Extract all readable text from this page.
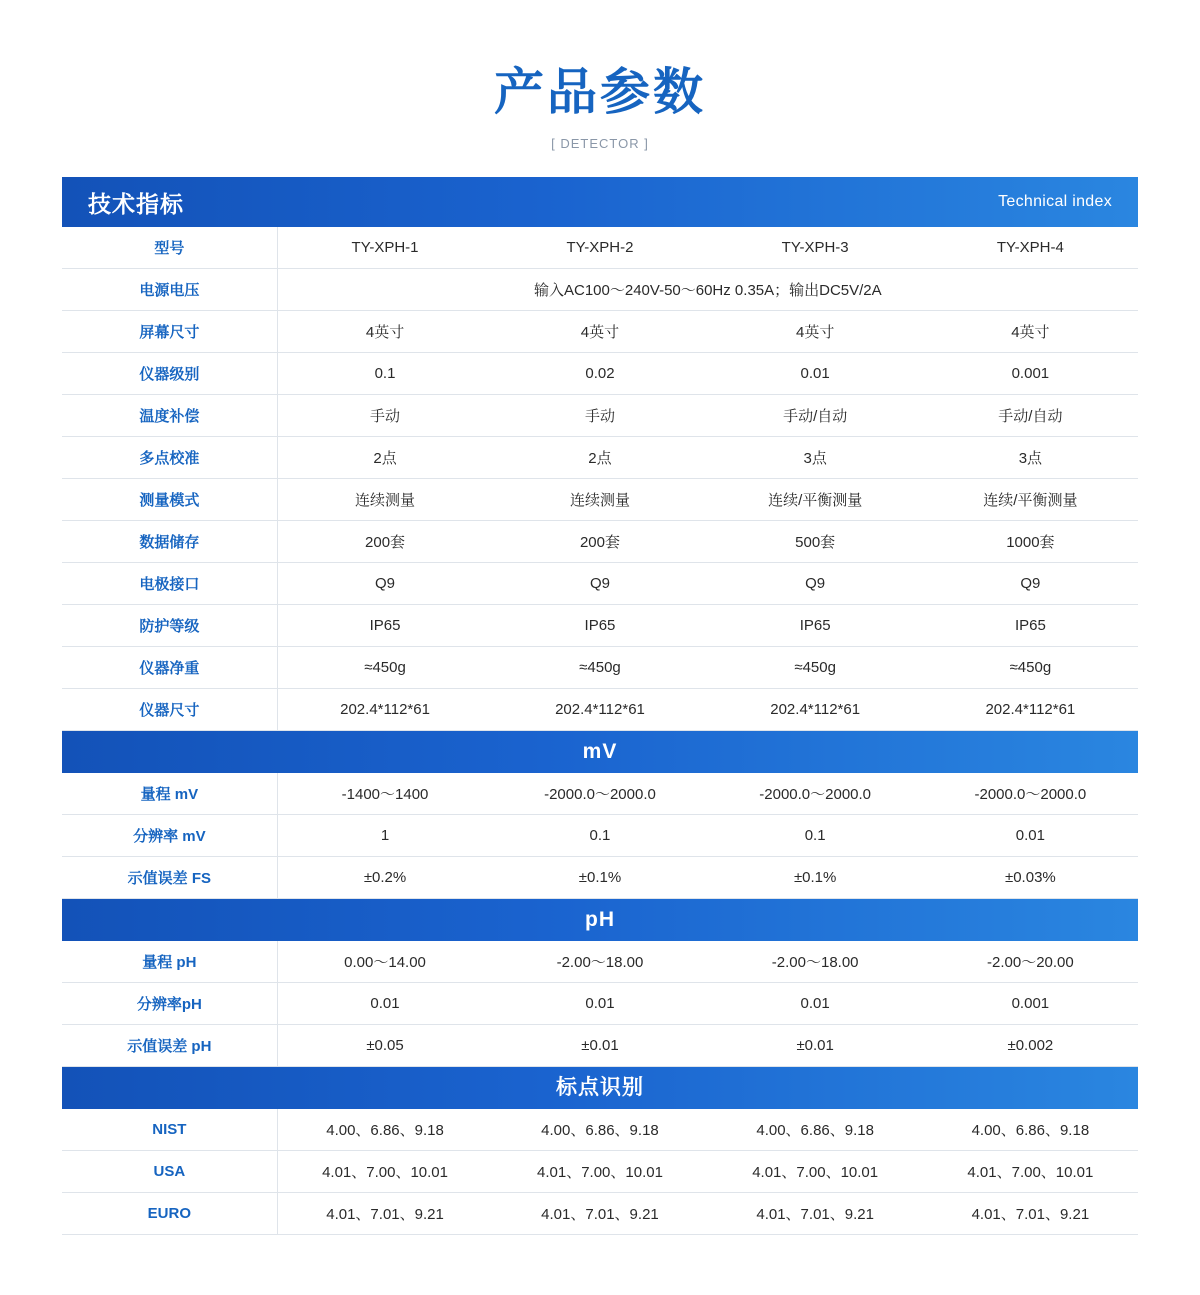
产品参数

[ DETECTOR ]

技术指标	Technical index
型号	TY-XPH-1	TY-XPH-2	TY-XPH-3	TY-XPH-4
电源电压	输入AC100～240V-50～60Hz 0.35A；输出DC5V/2A			
屏幕尺寸	4英寸	4英寸	4英寸	4英寸
仪器级别	0.1	0.02	0.01	0.001
温度补偿	手动	手动	手动/自动	手动/自动
多点校准	2点	2点	3点	3点
测量模式	连续测量	连续测量	连续/平衡测量	连续/平衡测量
数据储存	200套	200套	500套	1000套
电极接口	Q9	Q9	Q9	Q9
防护等级	IP65	IP65	IP65	IP65
仪器净重	≈450g	≈450g	≈450g	≈450g
仪器尺寸	202.4*112*61	202.4*112*61	202.4*112*61	202.4*112*61
mV
量程 mV	-1400～1400	-2000.0～2000.0	-2000.0～2000.0	-2000.0～2000.0
分辨率 mV	1	0.1	0.1	0.01
示值误差 FS	±0.2%	±0.1%	±0.1%	±0.03%
pH
量程 pH	0.00～14.00	-2.00～18.00	-2.00～18.00	-2.00～20.00
分辨率pH	0.01	0.01	0.01	0.001
示值误差 pH	±0.05	±0.01	±0.01	±0.002
标点识别
NIST	4.00、6.86、9.18	4.00、6.86、9.18	4.00、6.86、9.18	4.00、6.86、9.18
USA	4.01、7.00、10.01	4.01、7.00、10.01	4.01、7.00、10.01	4.01、7.00、10.01
EURO	4.01、7.01、9.21	4.01、7.01、9.21	4.01、7.01、9.21	4.01、7.01、9.21
